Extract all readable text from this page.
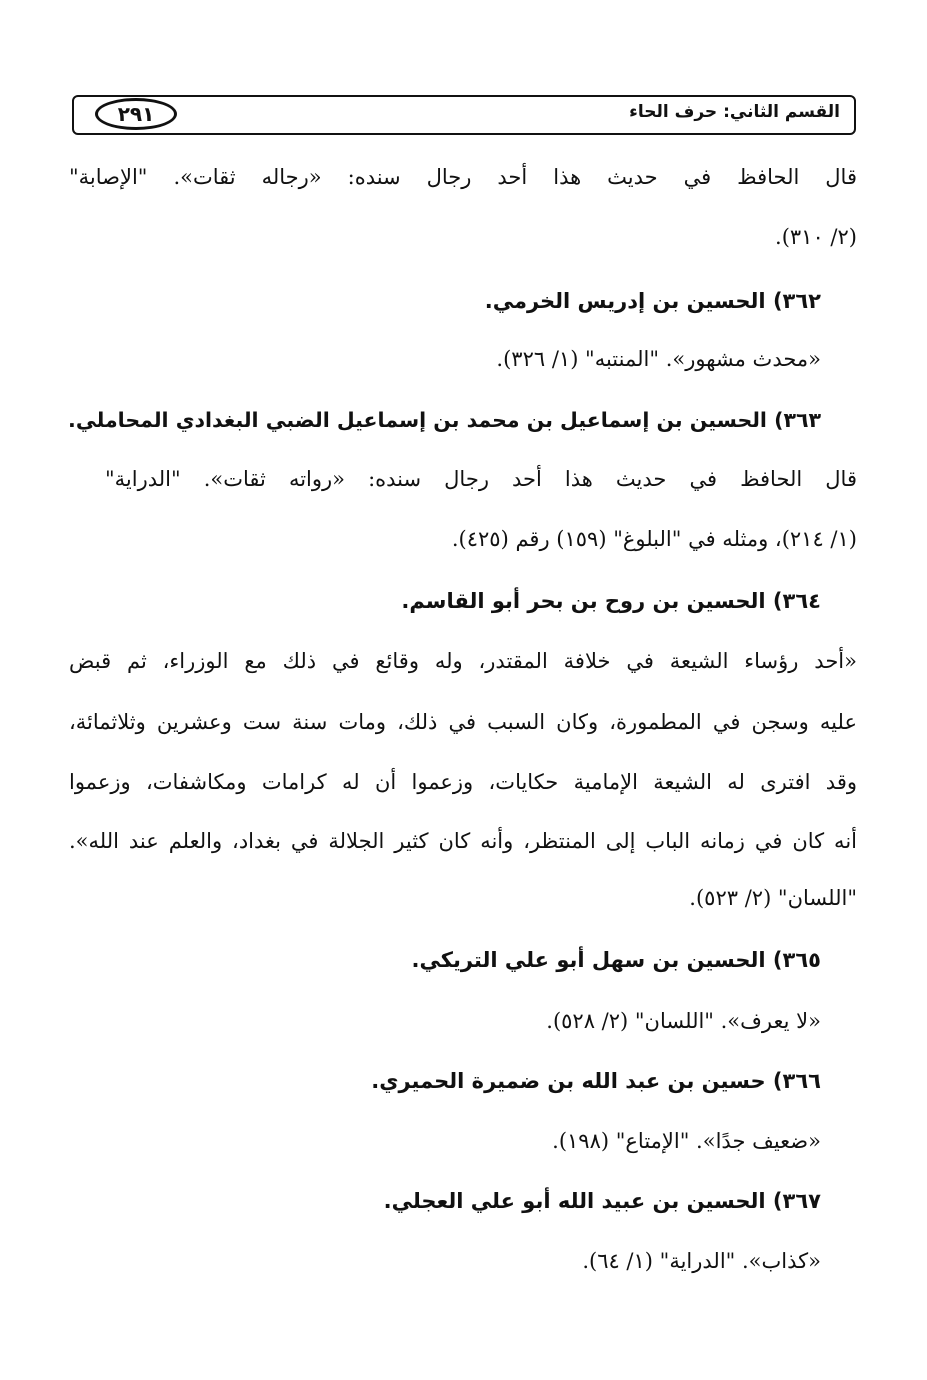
القسم الثاني: حرف الحاء
٢٩١
قال الحافظ في حديث هذا أحد رجال سنده: «رجاله ثقات». "الإصابة"
(٢/ ٣١٠).
٣٦٢) الحسين بن إدريس الخرمي.
«محدث مشهور». "المنتبه" (١/ ٣٢٦).
٣٦٣) الحسين بن إسماعيل بن محمد بن إسماعيل الضبي البغدادي المحاملي.
قال الحافظ في حديث هذا أحد رجال سنده: «رواته ثقات». "الدراية"
(١/ ٢١٤)، ومثله في "البلوغ" (١٥٩) رقم (٤٢٥).
٣٦٤) الحسين بن روح بن بحر أبو القاسم.
«أحد رؤساء الشيعة في خلافة المقتدر، وله وقائع في ذلك مع الوزراء، ثم قبض
عليه وسجن في المطمورة، وكان السبب في ذلك، ومات سنة ست وعشرين وثلاثمائة،
وقد افترى له الشيعة الإمامية حكايات، وزعموا أن له كرامات ومكاشفات، وزعموا
أنه كان في زمانه الباب إلى المنتظر، وأنه كان كثير الجلالة في بغداد، والعلم عند الله».
"اللسان" (٢/ ٥٢٣).
٣٦٥) الحسين بن سهل أبو علي التريكي.
«لا يعرف». "اللسان" (٢/ ٥٢٨).
٣٦٦) حسين بن عبد الله بن ضميرة الحميري.
«ضعيف جدًا». "الإمتاع" (١٩٨).
٣٦٧) الحسين بن عبيد الله أبو علي العجلي.
«كذاب». "الدراية" (١/ ٦٤).
